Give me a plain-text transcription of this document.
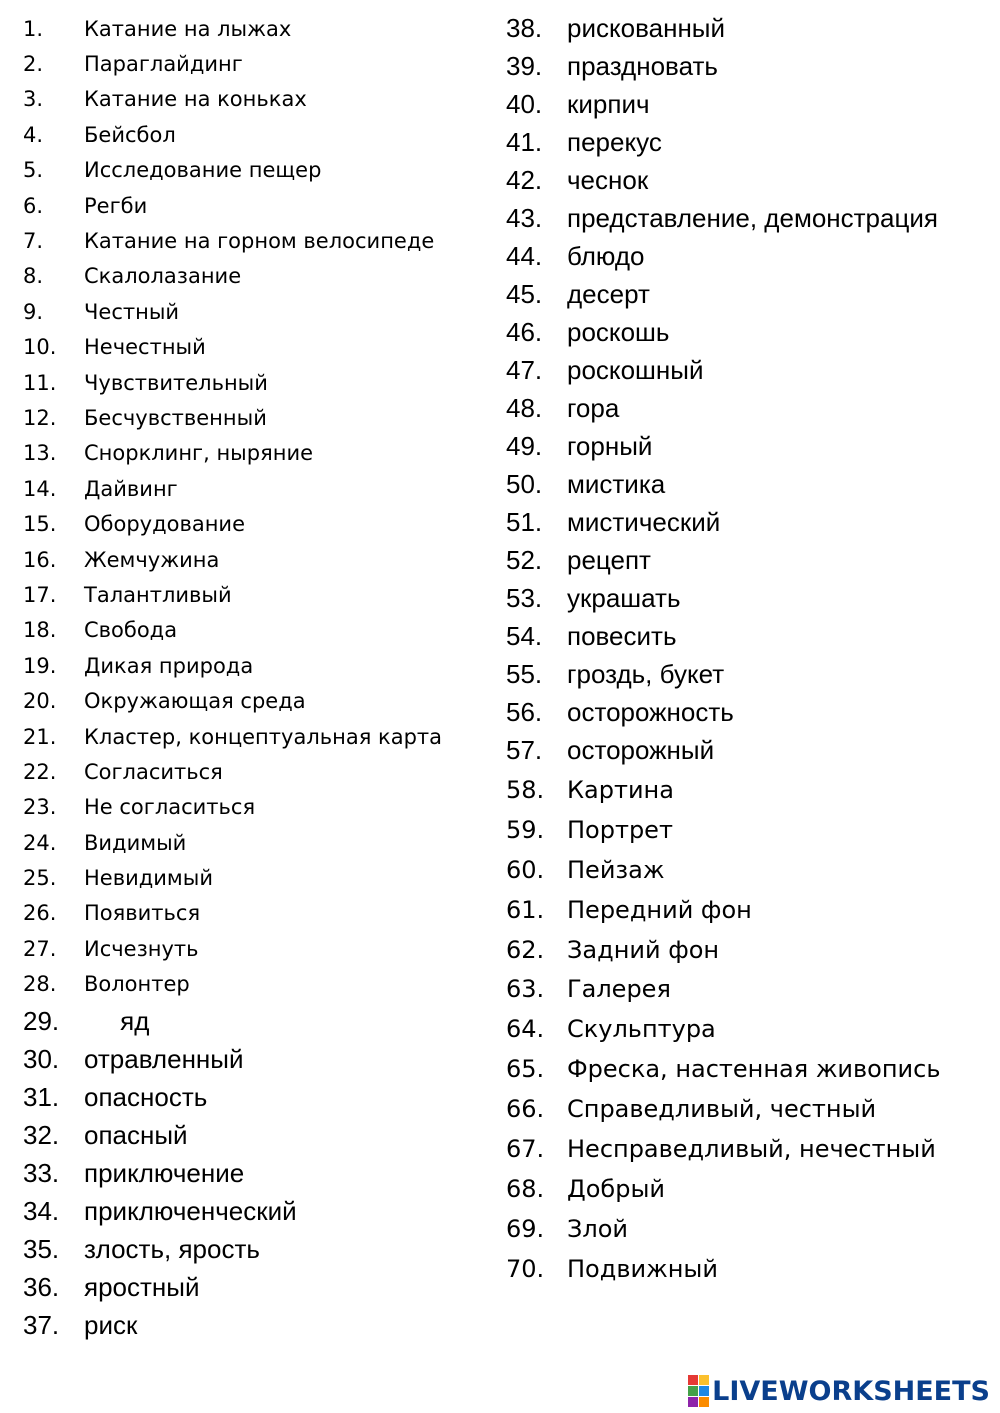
1.	Катание на лыжах
2.	Параглайдинг
3.	Катание на коньках
4.	Бейсбол
5.	Исследование пещер
6.	Регби
7.	Катание на горном велосипеде
8.	Скалолазание
9.	Честный
10.	Нечестный
11.	Чувствительный
12.	Бесчувственный
13.	Снорклинг, ныряние
14.	Дайвинг
15.	Оборудование
16.	Жемчужина
17.	Талантливый
18.	Свобода
19.	Дикая природа
20.	Окружающая среда
21.	Кластер, концептуальная карта
22.	Согласиться
23.	Не согласиться
24.	Видимый
25.	Невидимый
26.	Появиться
27.	Исчезнуть
28.	Волонтер
29. яд
30. отравленный
31. опасность
32. опасный
33. приключение
34. приключенческий
35. злость, ярость
36. яростный
37. риск
38. рискованный
39. праздновать
40. кирпич
41. перекус
42. чеснок
43. представление, демонстрация
44. блюдо
45. десерт
46. роскошь
47. роскошный
48. гора
49. горный
50. мистика
51. мистический
52. рецепт
53. украшать
54. повесить
55. гроздь, букет
56. осторожность
57. осторожный
58. Картина
59. Портрет
60. Пейзаж
61. Передний фон
62. Задний фон
63. Галерея
64. Скульптура
65. Фреска, настенная живопись
66. Справедливый, честный
67. Несправедливый, нечестный
68. Добрый
69. Злой
70. Подвижный
LIVEWORKSHEETS
